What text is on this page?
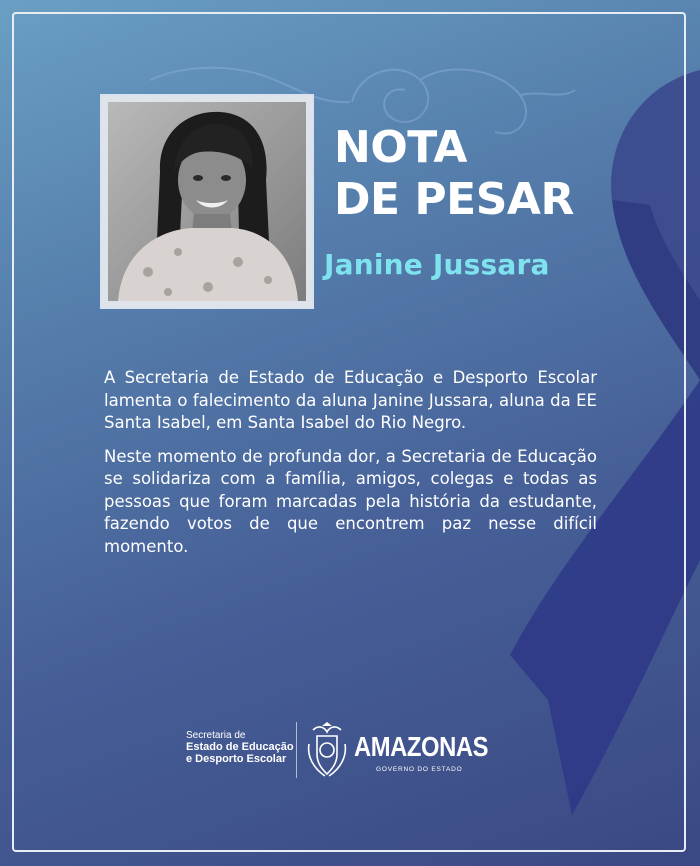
NOTA
DE PESAR
Janine Jussara

A Secretaria de Estado de Educação e Desporto Escolar lamenta o falecimento da aluna Janine Jussara, aluna da EE Santa Isabel, em Santa Isabel do Rio Negro.

Neste momento de profunda dor, a Secretaria de Educação se solidariza com a família, amigos, colegas e todas as pessoas que foram marcadas pela história da estudante, fazendo votos de que encontrem paz nesse difícil momento.

Secretaria de
Estado de Educação
e Desporto Escolar AMAZONAS
GOVERNO DO ESTADO
